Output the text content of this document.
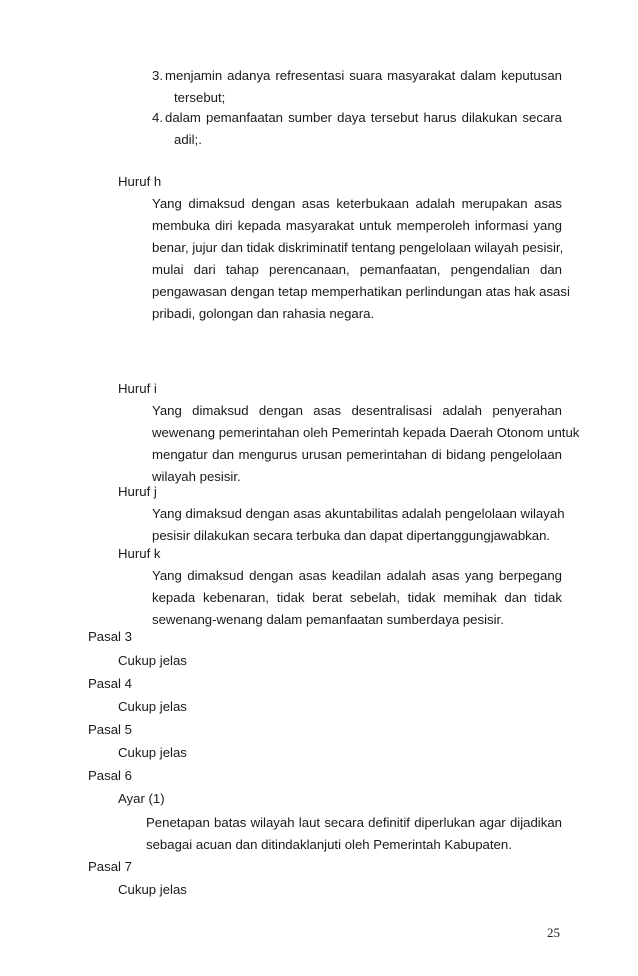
3. menjamin adanya refresentasi suara masyarakat dalam keputusan
tersebut;
4. dalam pemanfaatan sumber daya tersebut harus dilakukan secara
adil;.
Huruf h
Yang dimaksud dengan asas keterbukaan adalah merupakan asas
membuka diri kepada masyarakat untuk memperoleh informasi yang
benar, jujur dan tidak diskriminatif tentang pengelolaan wilayah pesisir,
mulai dari tahap perencanaan, pemanfaatan, pengendalian dan
pengawasan dengan tetap memperhatikan perlindungan atas hak asasi
pribadi, golongan dan rahasia negara.
Huruf i
Yang dimaksud dengan asas desentralisasi adalah penyerahan
wewenang pemerintahan oleh Pemerintah kepada Daerah Otonom untuk
mengatur dan mengurus urusan pemerintahan di bidang pengelolaan
wilayah pesisir.
Huruf j
Yang dimaksud dengan asas akuntabilitas adalah pengelolaan wilayah
pesisir dilakukan secara terbuka dan dapat dipertanggungjawabkan.
Huruf k
Yang dimaksud dengan asas keadilan adalah asas yang berpegang
kepada kebenaran, tidak berat sebelah, tidak memihak dan tidak
sewenang-wenang dalam pemanfaatan sumberdaya pesisir.
Pasal 3
Cukup jelas
Pasal 4
Cukup jelas
Pasal 5
Cukup jelas
Pasal 6
Ayar (1)
Penetapan batas wilayah laut secara definitif diperlukan agar dijadikan
sebagai acuan dan ditindaklanjuti oleh Pemerintah Kabupaten.
Pasal 7
Cukup jelas
25
